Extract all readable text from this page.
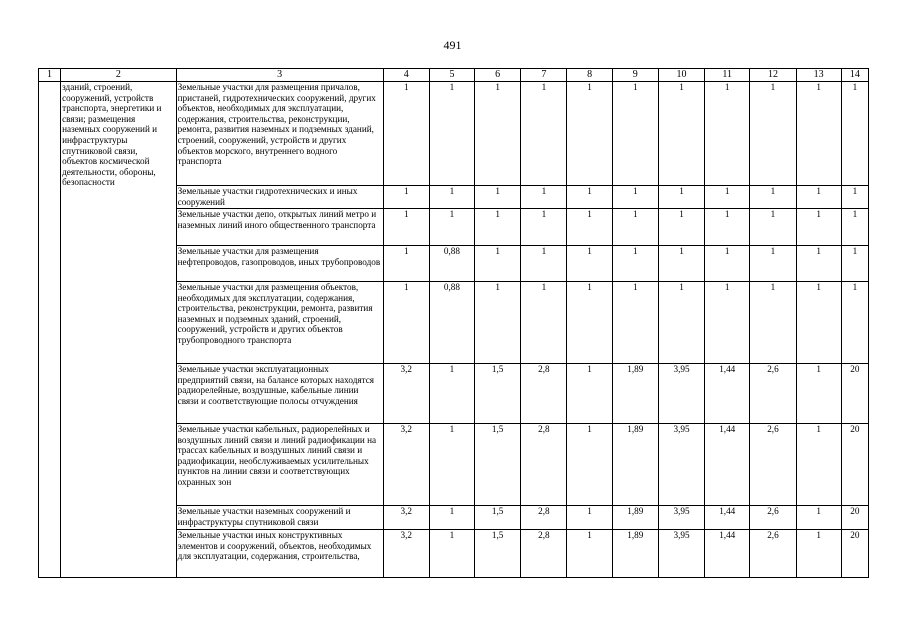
491
1	2	3	4	5	6	7	8	9	10	11	12	13	14
	зданий, строений, сооружений, устройств транспорта, энергетики и связи; размещения наземных сооружений и инфраструктуры спутниковой связи, объектов космической деятельности, обороны, безопасности	Земельные участки для размещения причалов, пристаней, гидротехнических сооружений, других объектов, необходимых для эксплуатации, содержания, строительства, реконструкции, ремонта, развития наземных и подземных зданий, строений, сооружений, устройств и других объектов морского, внутреннего водного транспорта	1	1	1	1	1	1	1	1	1	1	1
		Земельные участки гидротехнических и иных сооружений	1	1	1	1	1	1	1	1	1	1	1
		Земельные участки депо, открытых линий метро и наземных линий иного общественного транспорта	1	1	1	1	1	1	1	1	1	1	1
		Земельные участки для размещения нефтепроводов, газопроводов, иных трубопроводов	1	0,88	1	1	1	1	1	1	1	1	1
		Земельные участки для размещения объектов, необходимых для эксплуатации, содержания, строительства, реконструкции, ремонта, развития наземных и подземных зданий, строений, сооружений, устройств и других объектов трубопроводного транспорта	1	0,88	1	1	1	1	1	1	1	1	1
		Земельные участки эксплуатационных предприятий связи, на балансе которых находятся радиорелейные, воздушные, кабельные линии связи и соответствующие полосы отчуждения	3,2	1	1,5	2,8	1	1,89	3,95	1,44	2,6	1	20
		Земельные участки кабельных, радиорелейных и воздушных линий связи и линий радиофикации на трассах кабельных и воздушных линий связи и радиофикации, необслуживаемых усилительных пунктов на линии связи и соответствующих охранных зон	3,2	1	1,5	2,8	1	1,89	3,95	1,44	2,6	1	20
		Земельные участки наземных сооружений и инфраструктуры спутниковой связи	3,2	1	1,5	2,8	1	1,89	3,95	1,44	2,6	1	20
		Земельные участки иных конструктивных элементов и сооружений, объектов, необходимых для эксплуатации, содержания, строительства,	3,2	1	1,5	2,8	1	1,89	3,95	1,44	2,6	1	20
